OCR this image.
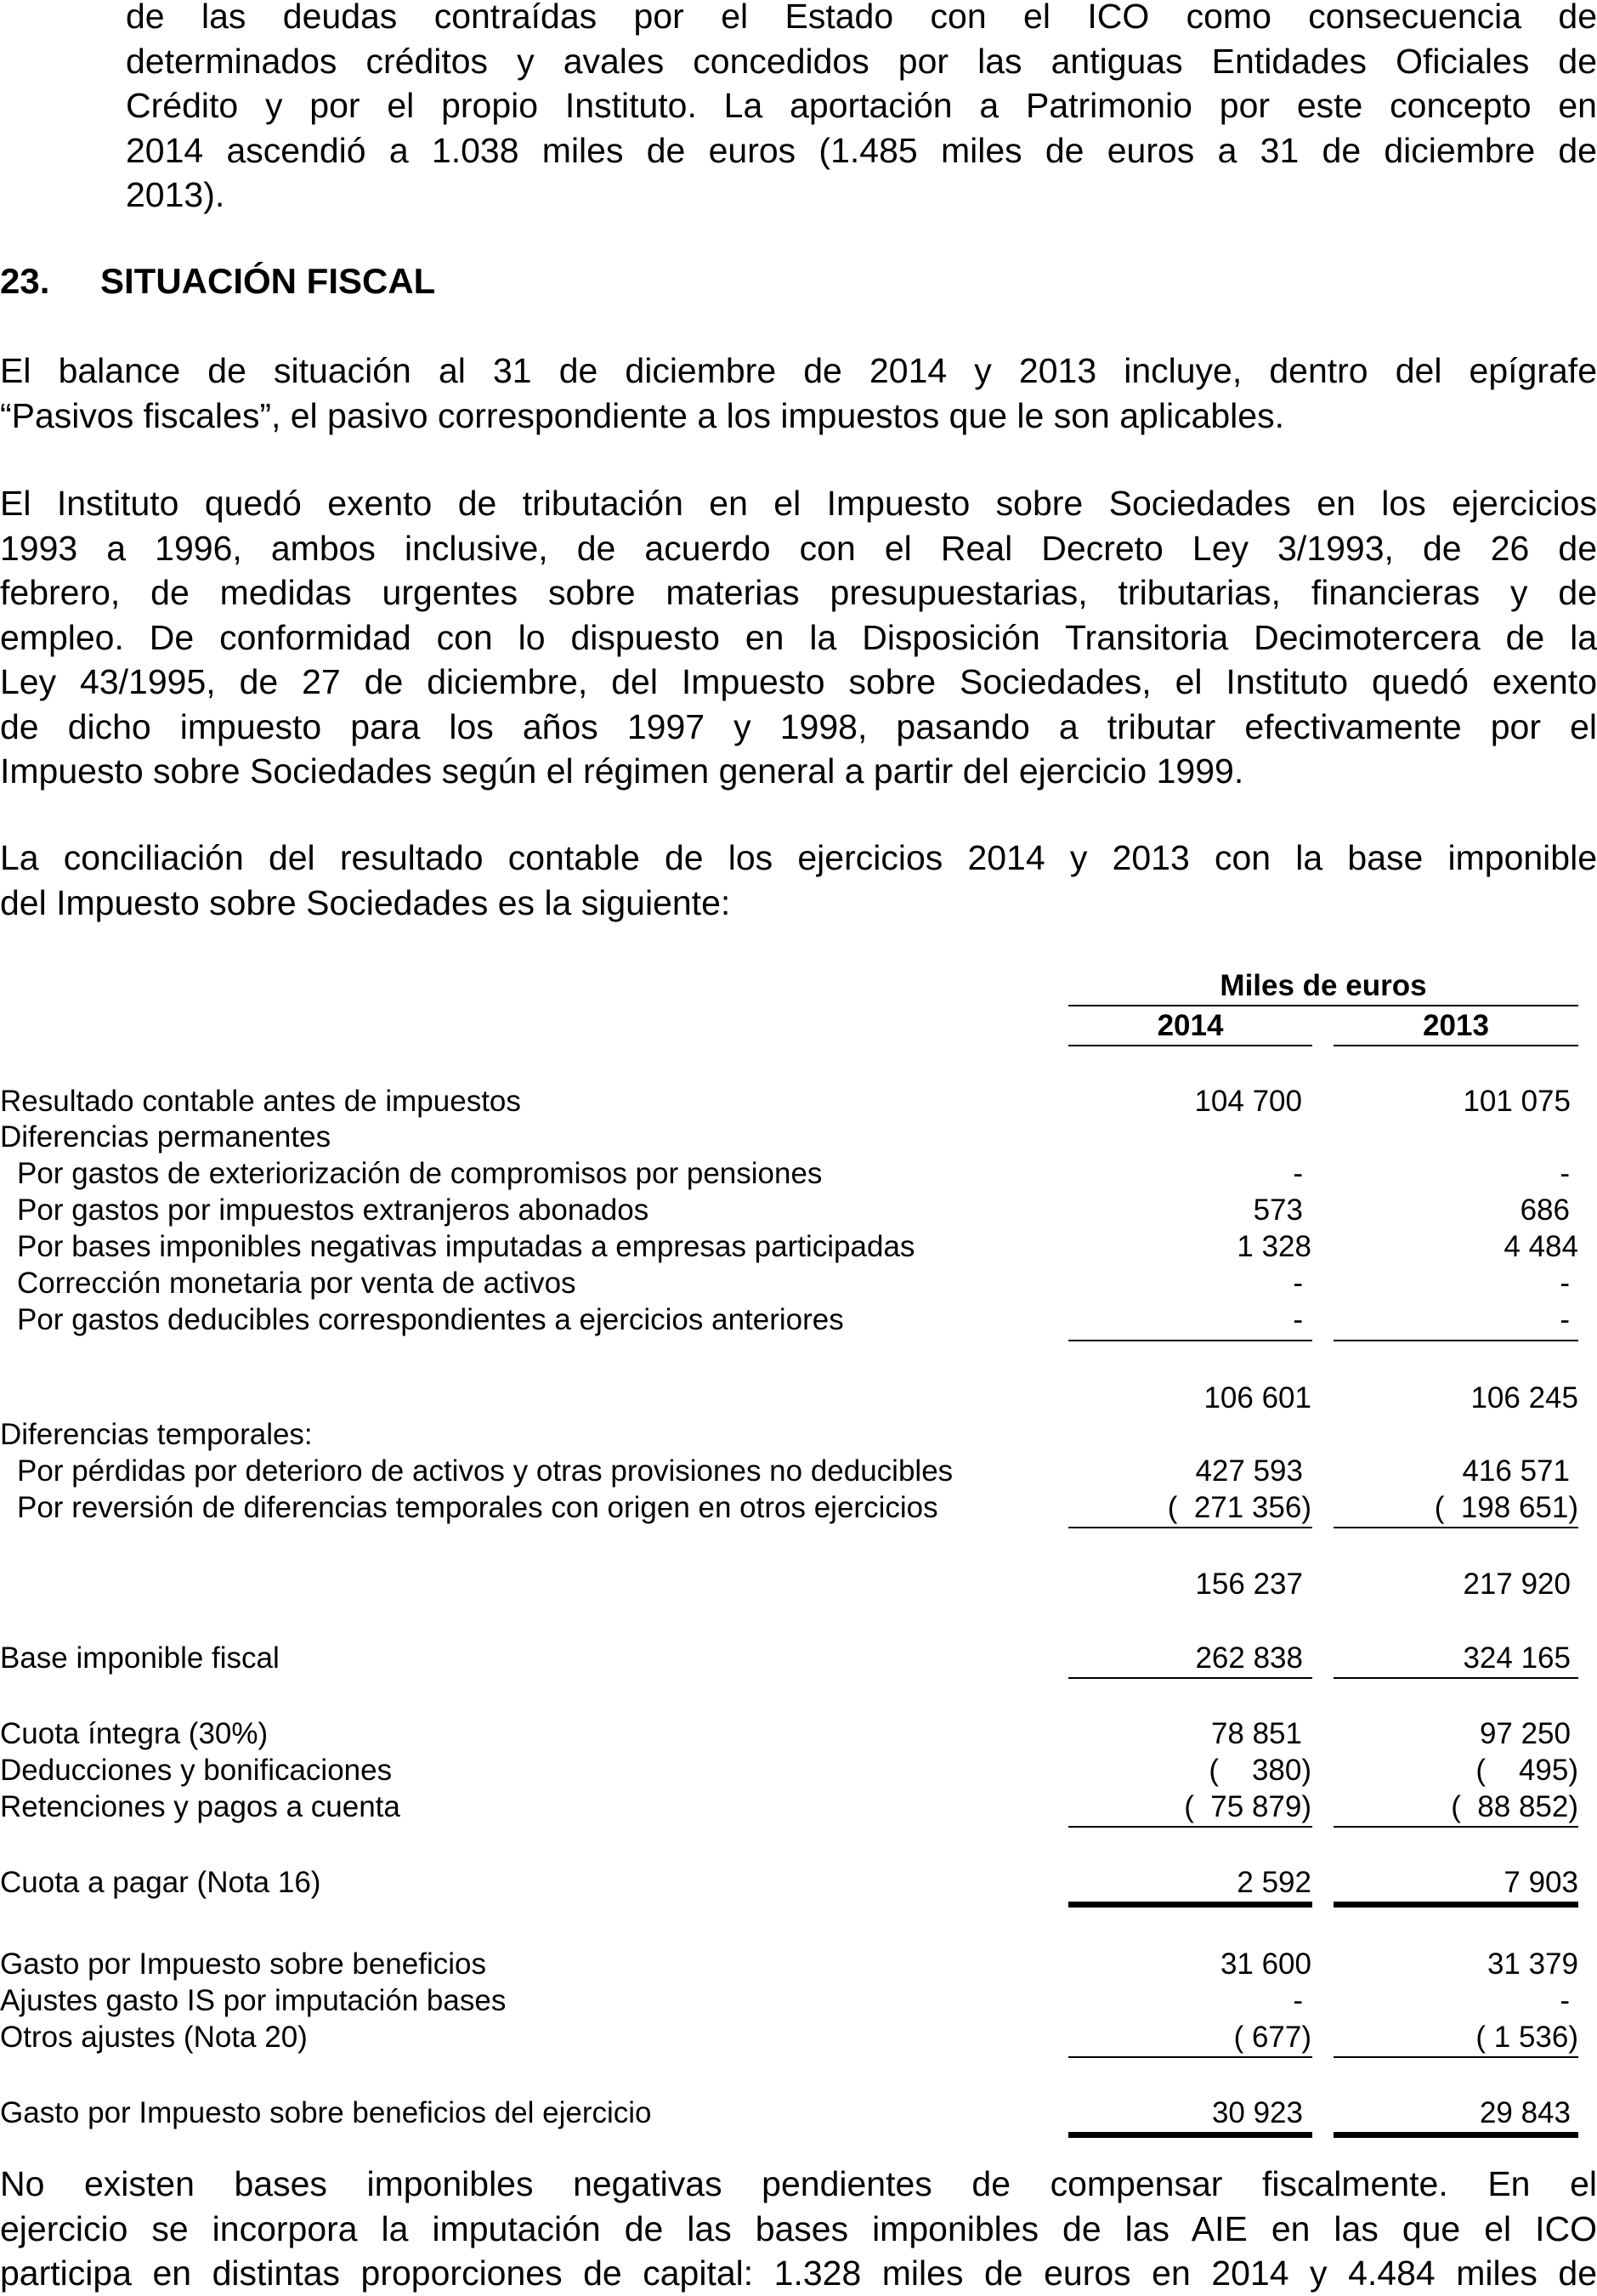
de las deudas contraídas por el Estado con el ICO como consecuencia de
determinados créditos y avales concedidos por las antiguas Entidades Oficiales de
Crédito y por el propio Instituto. La aportación a Patrimonio por este concepto en
2014 ascendió a 1.038 miles de euros (1.485 miles de euros a 31 de diciembre de
2013).
23. SITUACIÓN FISCAL
El balance de situación al 31 de diciembre de 2014 y 2013 incluye, dentro del epígrafe
“Pasivos fiscales”, el pasivo correspondiente a los impuestos que le son aplicables.
El Instituto quedó exento de tributación en el Impuesto sobre Sociedades en los ejercicios
1993 a 1996, ambos inclusive, de acuerdo con el Real Decreto Ley 3/1993, de 26 de
febrero, de medidas urgentes sobre materias presupuestarias, tributarias, financieras y de
empleo. De conformidad con lo dispuesto en la Disposición Transitoria Decimotercera de la
Ley 43/1995, de 27 de diciembre, del Impuesto sobre Sociedades, el Instituto quedó exento
de dicho impuesto para los años 1997 y 1998, pasando a tributar efectivamente por el
Impuesto sobre Sociedades según el régimen general a partir del ejercicio 1999.
La conciliación del resultado contable de los ejercicios 2014 y 2013 con la base imponible
del Impuesto sobre Sociedades es la siguiente:
Miles de euros
2014	2013
Resultado contable antes de impuestos	104 700	101 075
Diferencias permanentes
Por gastos de exteriorización de compromisos por pensiones	-	-
Por gastos por impuestos extranjeros abonados	573	686
Por bases imponibles negativas imputadas a empresas participadas	1 328	4 484
Corrección monetaria por venta de activos	-	-
Por gastos deducibles correspondientes a ejercicios anteriores	-	-
106 601	106 245
Diferencias temporales:
Por pérdidas por deterioro de activos y otras provisiones no deducibles	427 593	416 571
Por reversión de diferencias temporales con origen en otros ejercicios	(  271 356)	(  198 651)
156 237	217 920
Base imponible fiscal	262 838	324 165
Cuota íntegra (30%)	78 851	97 250
Deducciones y bonificaciones	(    380)	(    495)
Retenciones y pagos a cuenta	(  75 879)	(  88 852)
Cuota a pagar (Nota 16)	2 592	7 903
Gasto por Impuesto sobre beneficios	31 600	31 379
Ajustes gasto IS por imputación bases	-	-
Otros ajustes (Nota 20)	( 677)	( 1 536)
Gasto por Impuesto sobre beneficios del ejercicio	30 923	29 843
No existen bases imponibles negativas pendientes de compensar fiscalmente. En el
ejercicio se incorpora la imputación de las bases imponibles de las AIE en las que el ICO
participa en distintas proporciones de capital: 1.328 miles de euros en 2014 y 4.484 miles de
